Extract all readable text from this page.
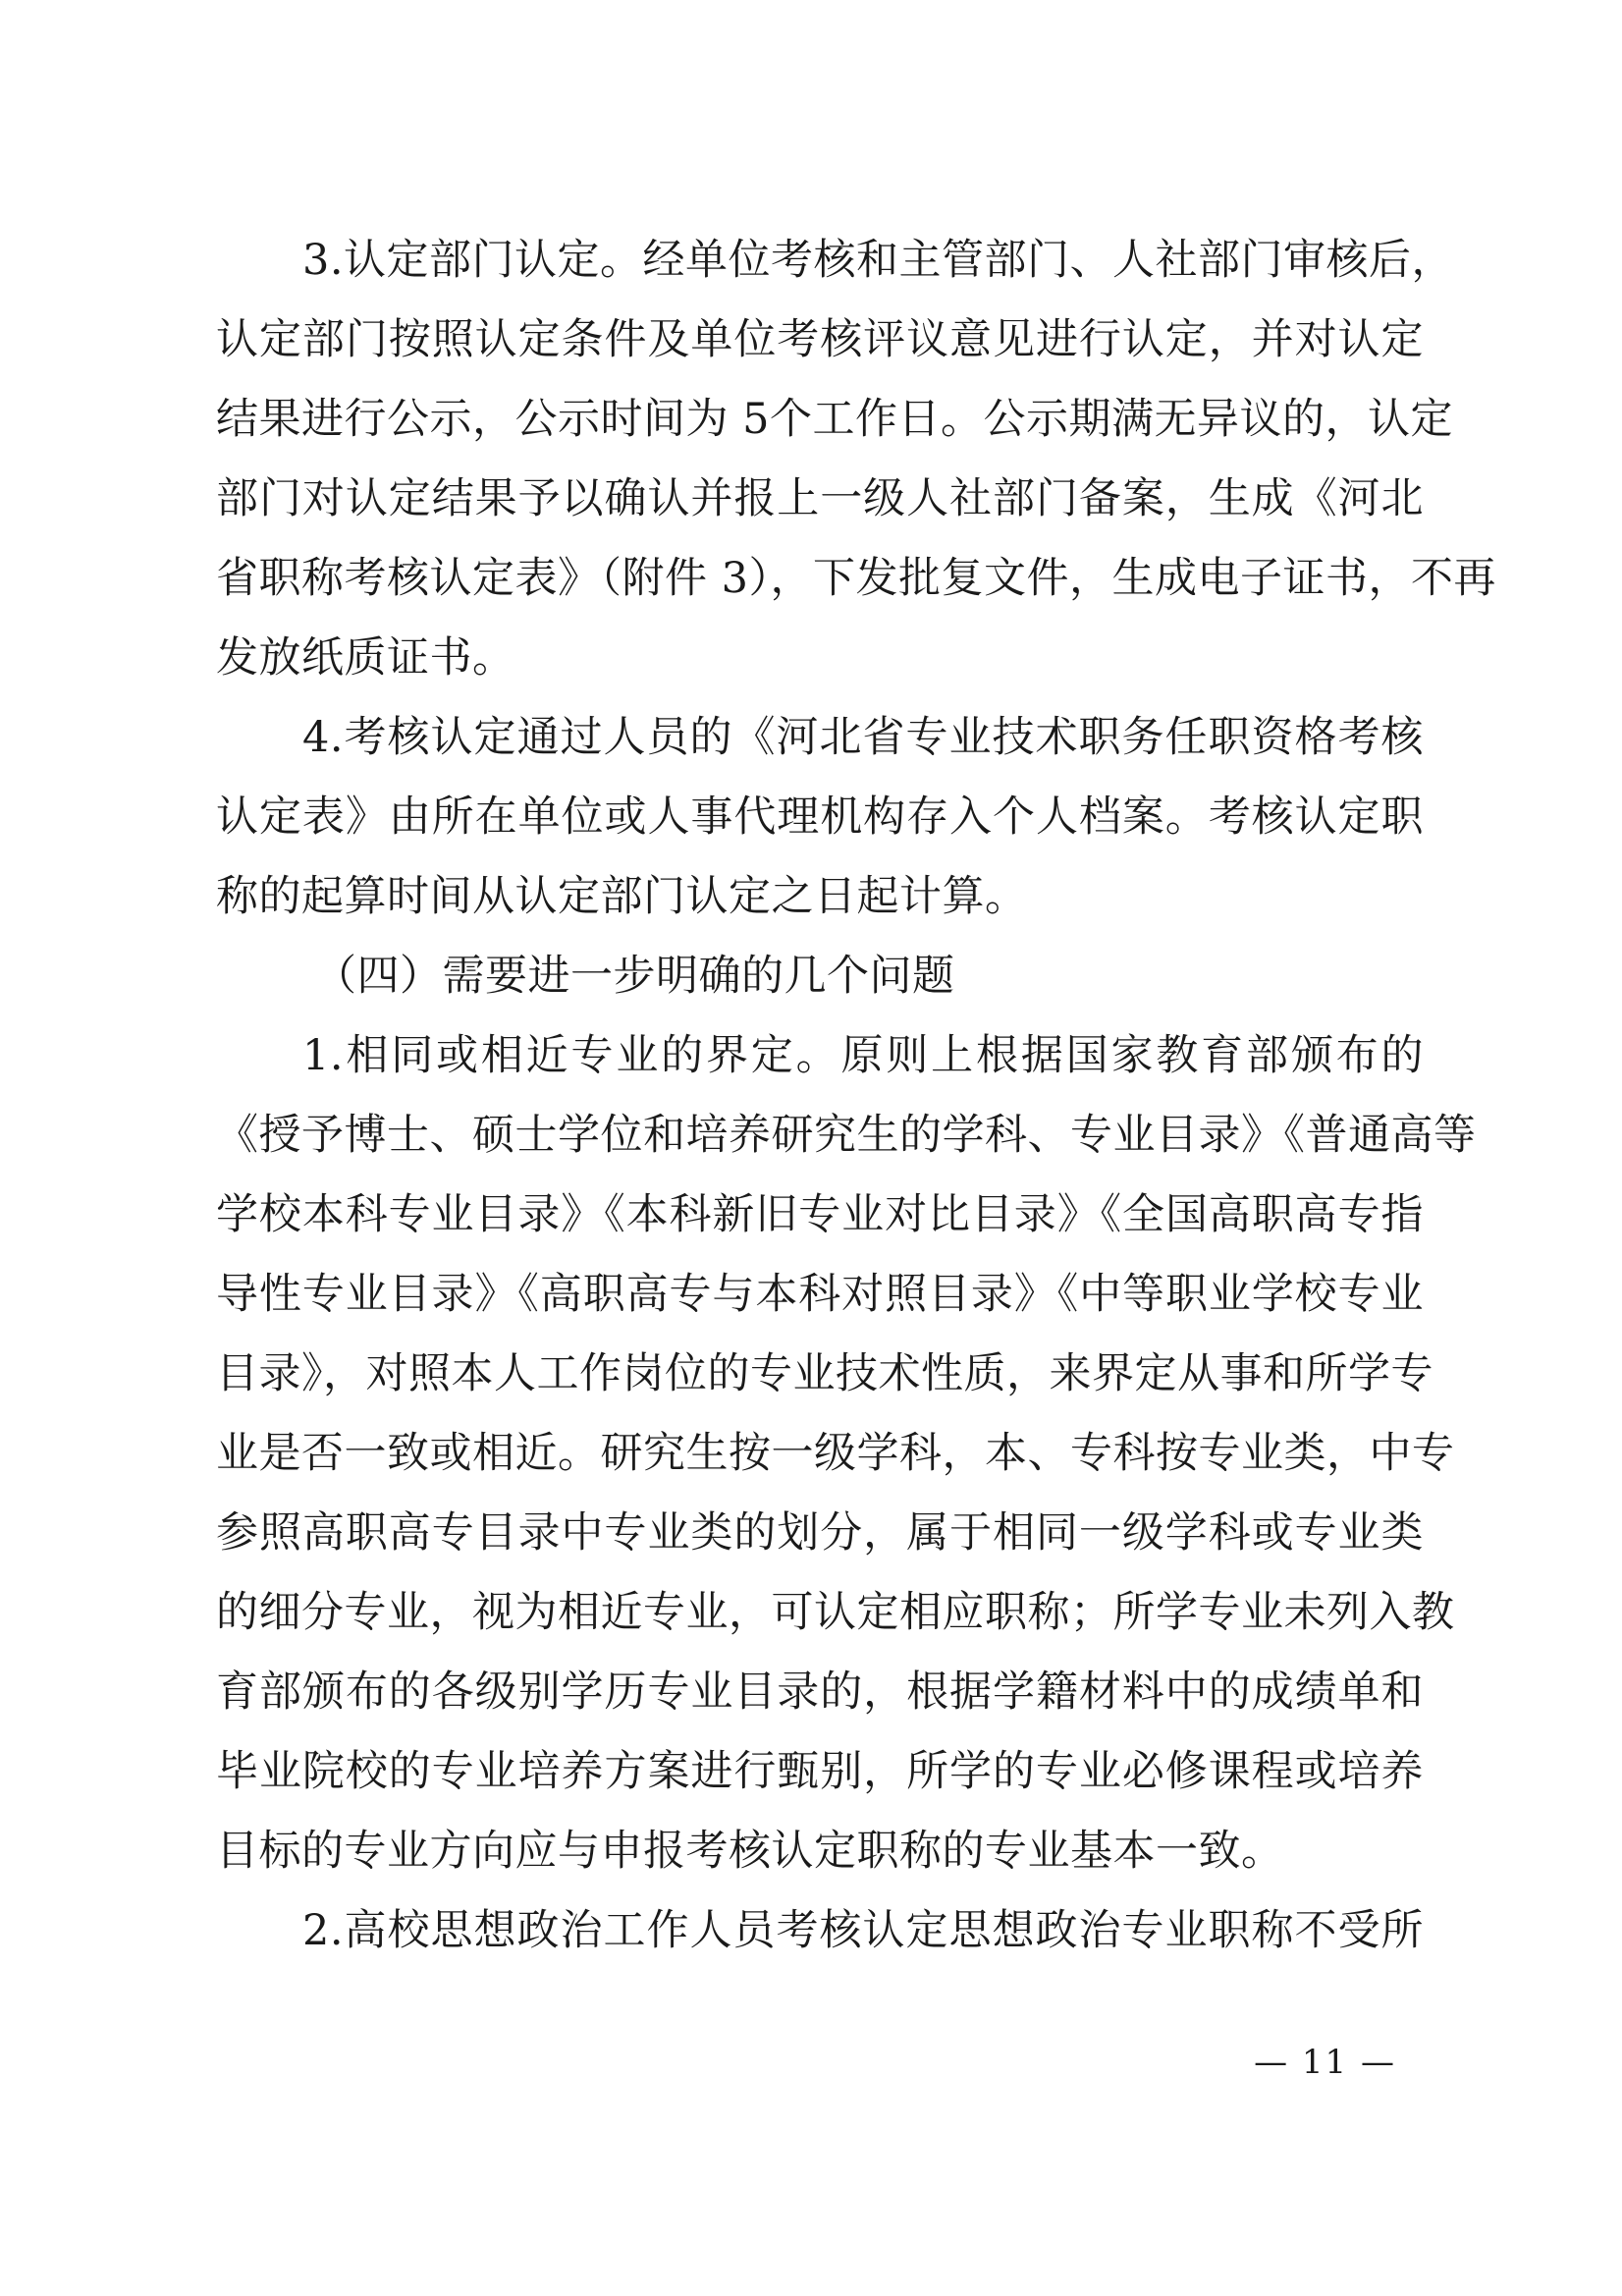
3.认定部门认定。经单位考核和主管部门、人社部门审核后，
认定部门按照认定条件及单位考核评议意见进行认定，并对认定
结果进行公示，公示时间为 5个工作日。公示期满无异议的，认定
部门对认定结果予以确认并报上一级人社部门备案，生成《河北
省职称考核认定表》（附件 3），下发批复文件，生成电子证书，不再
发放纸质证书。
4.考核认定通过人员的《河北省专业技术职务任职资格考核
认定表》由所在单位或人事代理机构存入个人档案。考核认定职
称的起算时间从认定部门认定之日起计算。
（四）需要进一步明确的几个问题
1.相同或相近专业的界定。原则上根据国家教育部颁布的
《授予博士、硕士学位和培养研究生的学科、专业目录》《普通高等
学校本科专业目录》《本科新旧专业对比目录》《全国高职高专指
导性专业目录》《高职高专与本科对照目录》《中等职业学校专业
目录》，对照本人工作岗位的专业技术性质，来界定从事和所学专
业是否一致或相近。研究生按一级学科，本、专科按专业类，中专
参照高职高专目录中专业类的划分，属于相同一级学科或专业类
的细分专业，视为相近专业，可认定相应职称；所学专业未列入教
育部颁布的各级别学历专业目录的，根据学籍材料中的成绩单和
毕业院校的专业培养方案进行甄别，所学的专业必修课程或培养
目标的专业方向应与申报考核认定职称的专业基本一致。
2.高校思想政治工作人员考核认定思想政治专业职称不受所
— 11 —
